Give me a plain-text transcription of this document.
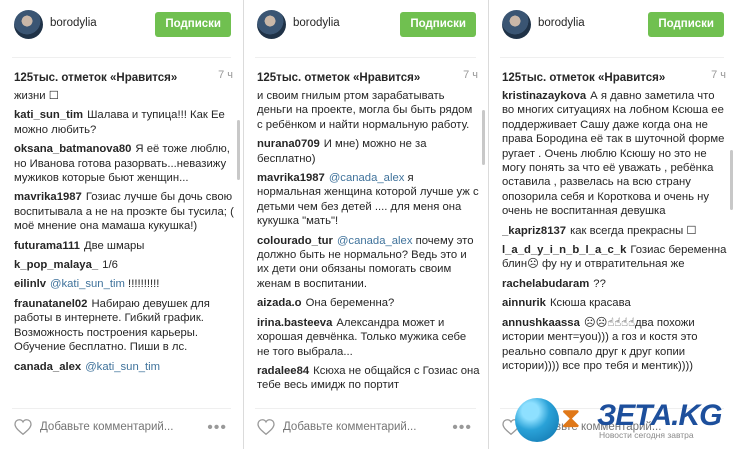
borodylia	Подписки
125тыс. отметок «Нравится»	7 ч
жизни ☐
kati_sun_tim Шалава и тупица!!! Как Ее можно любить?
oksana_batmanova80 Я её тоже люблю, но Иванова готова разорвать...невазижу мужиков которые бьют женщин...
mavrika1987 Гозиас лучше бы дочь свою воспитывала а не на проэкте бы тусила; ( моё мнение она мамаша кукушка!)
futurama111 Две шмары
k_pop_malaya_ 1/6
eilinlv @kati_sun_tim !!!!!!!!!!
fraunatanel02 Набираю девушек для работы в интернете. Гибкий график. Возможность построения карьеры. Обучение бесплатно. Пиши в лс.
canada_alex @kati_sun_tim
Добавьте комментарий...
•••
borodylia	Подписки
125тыс. отметок «Нравится»	7 ч
и своим гнилым ртом зарабатывать деньги на проекте, могла бы быть рядом с ребёнком и найти нормальную работу.
nurana0709 И мне) можно не за бесплатно)
mavrika1987 @canada_alex я нормальная женщина которой лучше уж с детьми чем без детей .... для меня она кукушка "мать"!
colourado_tur @canada_alex почему это должно быть не нормально? Ведь это и их дети они обязаны помогать своим женам в воспитании.
aizada.o Она беременна?
irina.basteeva Александра может и хорошая девчёнка. Только мужика себе не того выбрала...
radalee84 Ксюха не общайся с Гозиас она тебе весь имидж по портит
Добавьте комментарий...
•••
borodylia	Подписки
125тыс. отметок «Нравится»	7 ч
kristinazaykova А я давно заметила что во многих ситуациях на лобном Ксюша ее поддерживает Сашу даже когда она не права Бородина её так в шуточной форме ругает . Очень люблю Ксюшу но это не могу понять за что её уважать , ребёнка оставила , развелась на всю страну опозорила себя и Короткова и очень ну очень не воспитанная девушка
_kapriz8137 как всегда прекрасны ☐
l_a_d_y_i_n_b_l_a_c_k Гозиас беременна блин☹ фу ну и отвратительная же
rachelabudaram ??
ainnurik Ксюша красава
annushkaassa ☹☹☝☝☝☝два похожи истории мент=you))) а гоз и костя это реально совпало друг к друг копии истории)))) все про тебя и ментик))))
Добавьте комментарий...
⧗ ЗЕТА.KG
Новости сегодня завтра
